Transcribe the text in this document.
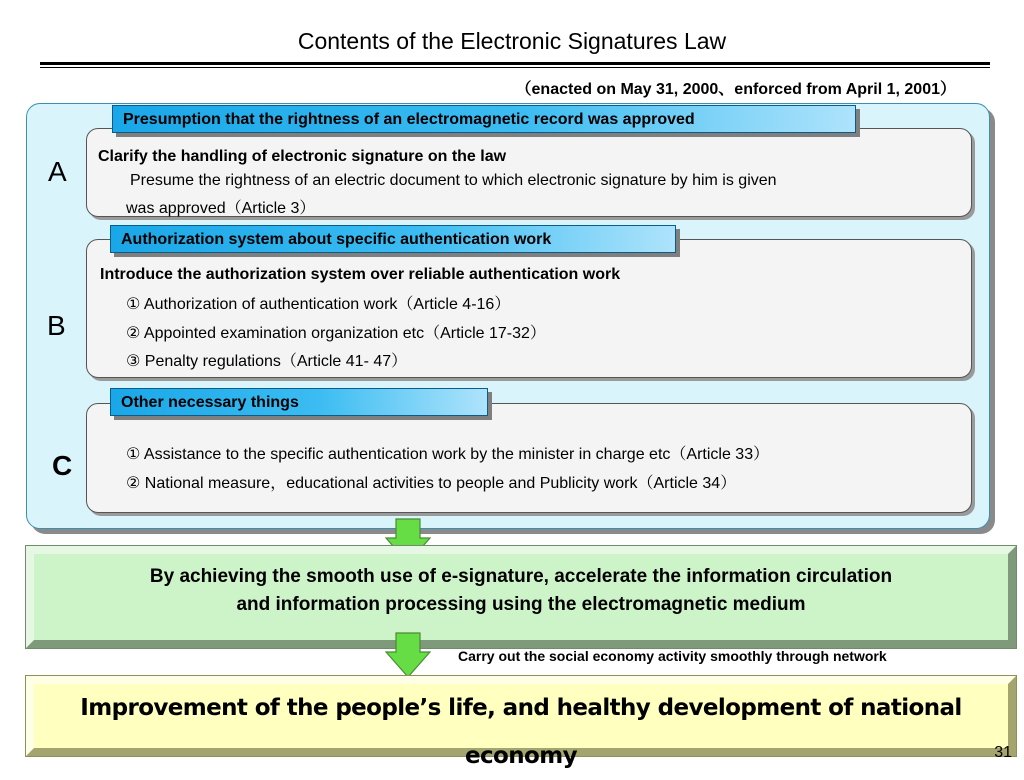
Contents of the Electronic Signatures Law
（enacted on May 31, 2000、enforced from April 1, 2001）
Presumption that the rightness of an electromagnetic record was approved
A Clarify the handling of electronic signature on the law
Presume the rightness of an electric document to which electronic signature by him is given
was approved（Article 3）
Authorization system about specific authentication work
B
Introduce the authorization system over reliable authentication work
① Authorization of authentication work（Article 4-16）
② Appointed examination organization etc（Article 17-32）
③ Penalty regulations（Article 41- 47）
Other necessary things
C	① Assistance to the specific authentication work by the minister in charge etc（Article 33）
② National measure，educational activities to people and Publicity work（Article 34）
By achieving the smooth use of e-signature, accelerate the information circulation
and information processing using the electromagnetic medium
Carry out the social economy activity smoothly through network
Improvement of the people’s life, and healthy development of national economy	31
